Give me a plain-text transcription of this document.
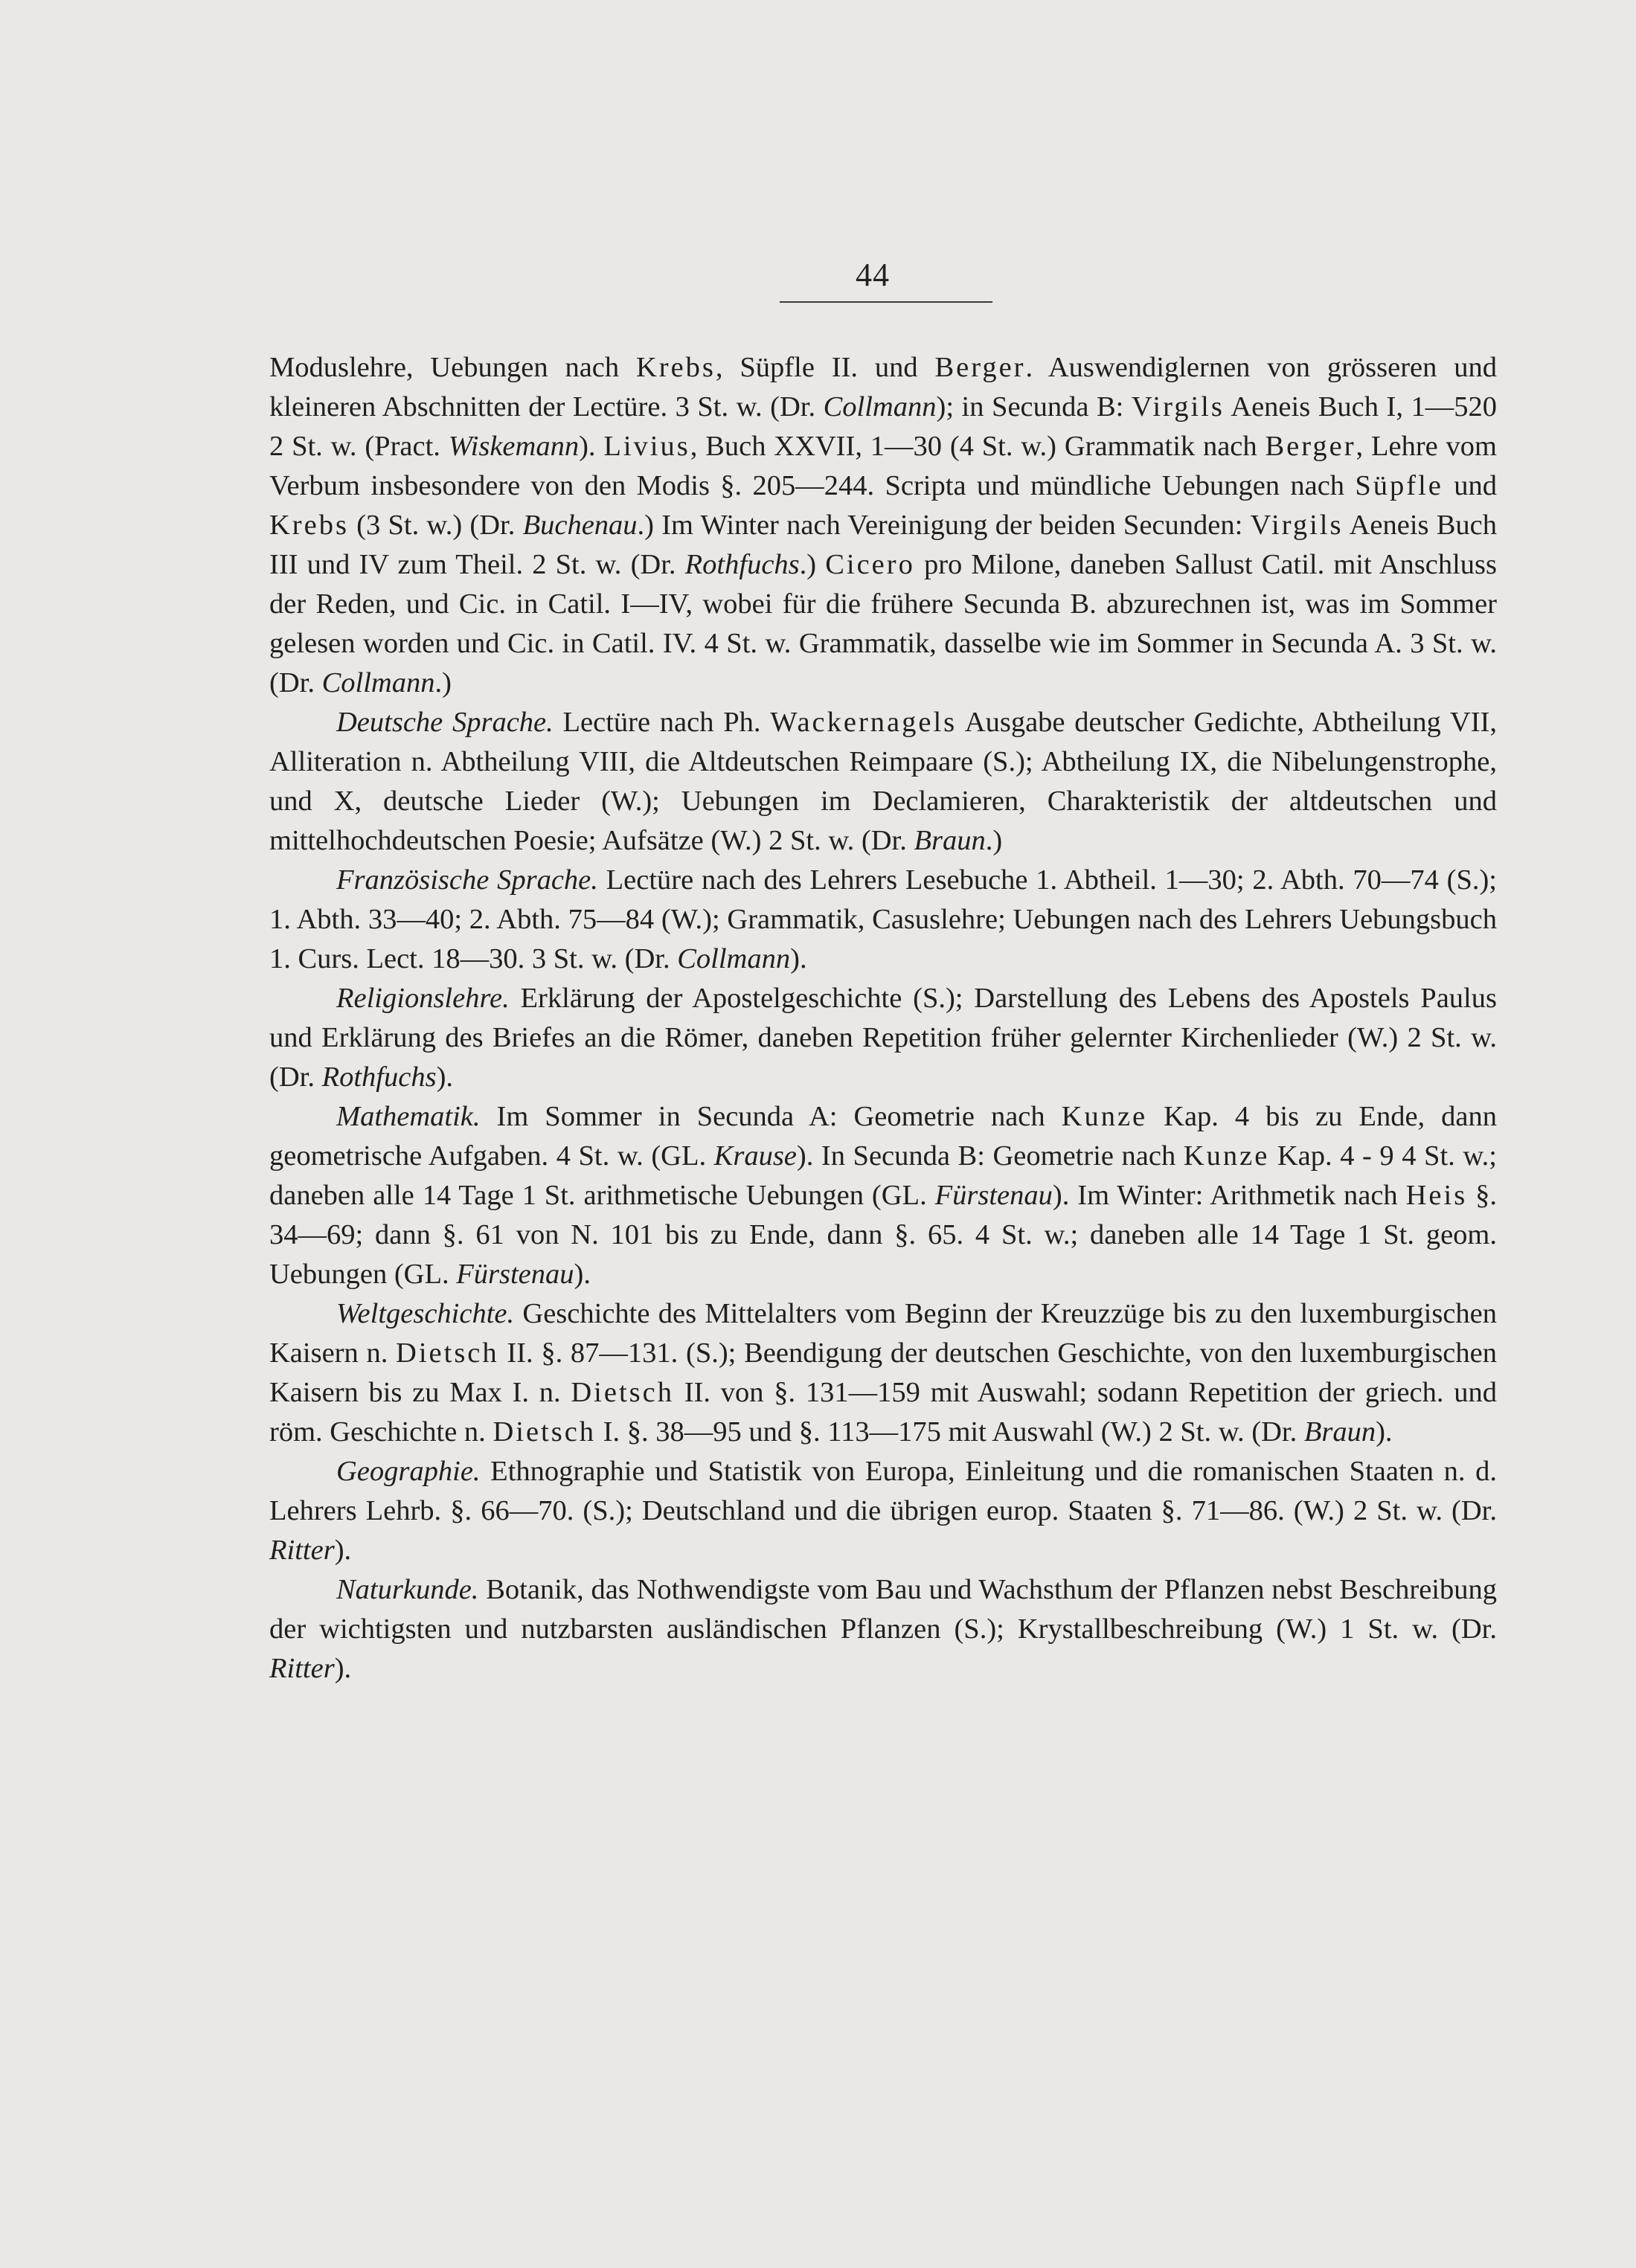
44

Moduslehre, Uebungen nach Krebs, Süpfle II. und Berger. Auswendiglernen von grösseren und kleineren Abschnitten der Lectüre. 3 St. w. (Dr. Collmann); in Secunda B: Virgils Aeneis Buch I, 1—520 2 St. w. (Pract. Wiskemann). Livius, Buch XXVII, 1—30 (4 St. w.) Grammatik nach Berger, Lehre vom Verbum insbesondere von den Modis §. 205—244. Scripta und mündliche Uebungen nach Süpfle und Krebs (3 St. w.) (Dr. Buchenau.) Im Winter nach Vereinigung der beiden Secunden: Virgils Aeneis Buch III und IV zum Theil. 2 St. w. (Dr. Rothfuchs.) Cicero pro Milone, daneben Sallust Catil. mit Anschluss der Reden, und Cic. in Catil. I—IV, wobei für die frühere Secunda B. abzurechnen ist, was im Sommer gelesen worden und Cic. in Catil. IV. 4 St. w. Grammatik, dasselbe wie im Sommer in Secunda A. 3 St. w. (Dr. Collmann.)

Deutsche Sprache. Lectüre nach Ph. Wackernagels Ausgabe deutscher Gedichte, Abtheilung VII, Alliteration n. Abtheilung VIII, die Altdeutschen Reimpaare (S.); Abtheilung IX, die Nibelungenstrophe, und X, deutsche Lieder (W.); Uebungen im Declamieren, Charakteristik der altdeutschen und mittelhochdeutschen Poesie; Aufsätze (W.) 2 St. w. (Dr. Braun.)

Französische Sprache. Lectüre nach des Lehrers Lesebuche 1. Abtheil. 1—30; 2. Abth. 70—74 (S.); 1. Abth. 33—40; 2. Abth. 75—84 (W.); Grammatik, Casuslehre; Uebungen nach des Lehrers Uebungsbuch 1. Curs. Lect. 18—30. 3 St. w. (Dr. Collmann).

Religionslehre. Erklärung der Apostelgeschichte (S.); Darstellung des Lebens des Apostels Paulus und Erklärung des Briefes an die Römer, daneben Repetition früher gelernter Kirchenlieder (W.) 2 St. w. (Dr. Rothfuchs).

Mathematik. Im Sommer in Secunda A: Geometrie nach Kunze Kap. 4 bis zu Ende, dann geometrische Aufgaben. 4 St. w. (GL. Krause). In Secunda B: Geometrie nach Kunze Kap. 4 - 9 4 St. w.; daneben alle 14 Tage 1 St. arithmetische Uebungen (GL. Fürstenau). Im Winter: Arithmetik nach Heis §. 34—69; dann §. 61 von N. 101 bis zu Ende, dann §. 65. 4 St. w.; daneben alle 14 Tage 1 St. geom. Uebungen (GL. Fürstenau).

Weltgeschichte. Geschichte des Mittelalters vom Beginn der Kreuzzüge bis zu den luxemburgischen Kaisern n. Dietsch II. §. 87—131. (S.); Beendigung der deutschen Geschichte, von den luxemburgischen Kaisern bis zu Max I. n. Dietsch II. von §. 131—159 mit Auswahl; sodann Repetition der griech. und röm. Geschichte n. Dietsch I. §. 38—95 und §. 113—175 mit Auswahl (W.) 2 St. w. (Dr. Braun).

Geographie. Ethnographie und Statistik von Europa, Einleitung und die romanischen Staaten n. d. Lehrers Lehrb. §. 66—70. (S.); Deutschland und die übrigen europ. Staaten §. 71—86. (W.) 2 St. w. (Dr. Ritter).

Naturkunde. Botanik, das Nothwendigste vom Bau und Wachsthum der Pflanzen nebst Beschreibung der wichtigsten und nutzbarsten ausländischen Pflanzen (S.); Krystallbeschreibung (W.) 1 St. w. (Dr. Ritter).
